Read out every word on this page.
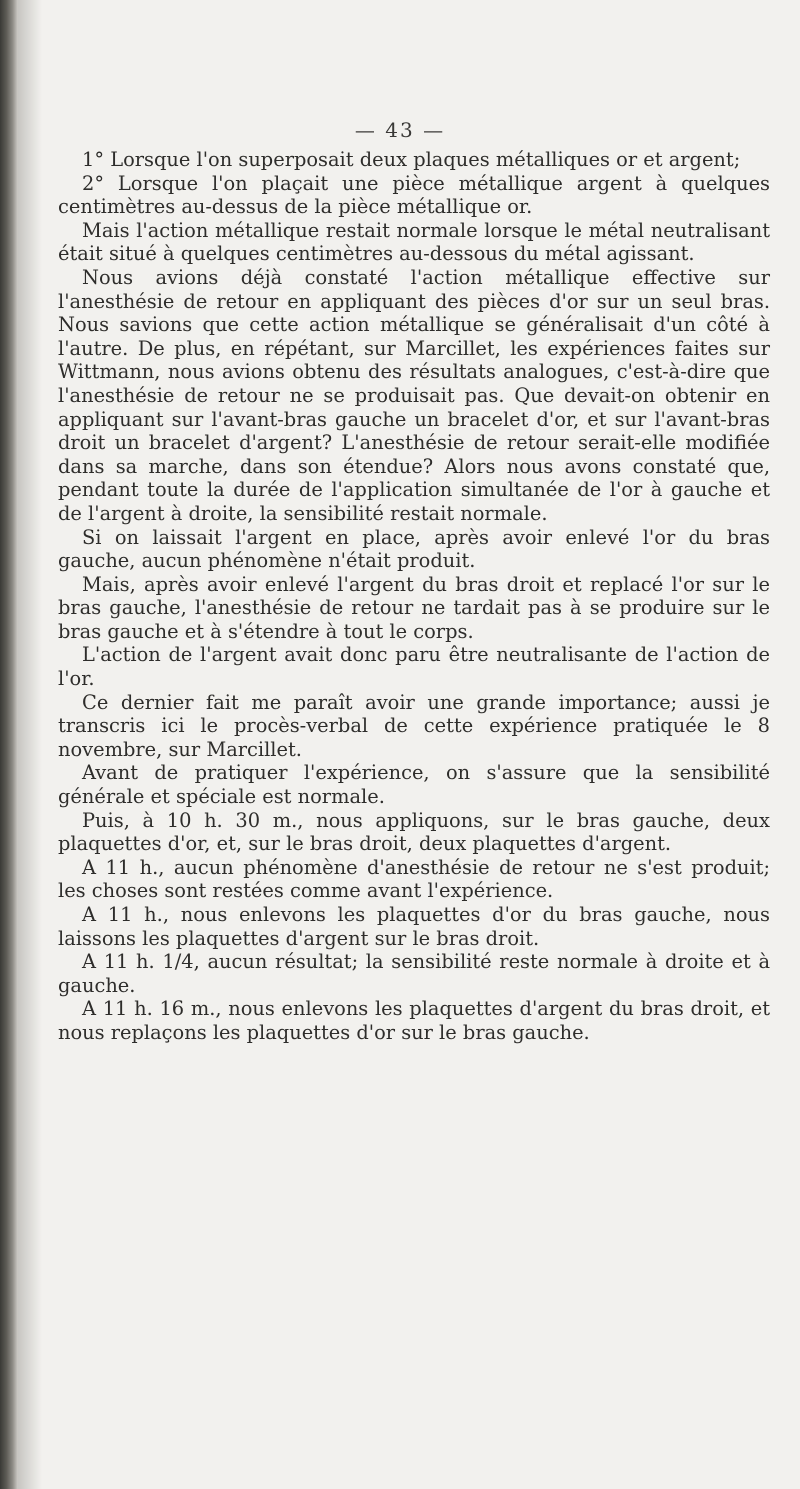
— 43 —

1° Lorsque l'on superposait deux plaques métalliques or et argent;

2° Lorsque l'on plaçait une pièce métallique argent à quelques centimètres au-dessus de la pièce métallique or.

Mais l'action métallique restait normale lorsque le métal neutralisant était situé à quelques centimètres au-dessous du métal agissant.

Nous avions déjà constaté l'action métallique effective sur l'anesthésie de retour en appliquant des pièces d'or sur un seul bras. Nous savions que cette action métallique se généralisait d'un côté à l'autre. De plus, en répétant, sur Marcillet, les expériences faites sur Wittmann, nous avions obtenu des résultats analogues, c'est-à-dire que l'anesthésie de retour ne se produisait pas. Que devait-on obtenir en appliquant sur l'avant-bras gauche un bracelet d'or, et sur l'avant-bras droit un bracelet d'argent? L'anesthésie de retour serait-elle modifiée dans sa marche, dans son étendue? Alors nous avons constaté que, pendant toute la durée de l'application simultanée de l'or à gauche et de l'argent à droite, la sensibilité restait normale.

Si on laissait l'argent en place, après avoir enlevé l'or du bras gauche, aucun phénomène n'était produit.

Mais, après avoir enlevé l'argent du bras droit et replacé l'or sur le bras gauche, l'anesthésie de retour ne tardait pas à se produire sur le bras gauche et à s'étendre à tout le corps.

L'action de l'argent avait donc paru être neutralisante de l'action de l'or.

Ce dernier fait me paraît avoir une grande importance; aussi je transcris ici le procès-verbal de cette expérience pratiquée le 8 novembre, sur Marcillet.

Avant de pratiquer l'expérience, on s'assure que la sensibilité générale et spéciale est normale.

Puis, à 10 h. 30 m., nous appliquons, sur le bras gauche, deux plaquettes d'or, et, sur le bras droit, deux plaquettes d'argent.

A 11 h., aucun phénomène d'anesthésie de retour ne s'est produit; les choses sont restées comme avant l'expérience.

A 11 h., nous enlevons les plaquettes d'or du bras gauche, nous laissons les plaquettes d'argent sur le bras droit.

A 11 h. 1/4, aucun résultat; la sensibilité reste normale à droite et à gauche.

A 11 h. 16 m., nous enlevons les plaquettes d'argent du bras droit, et nous replaçons les plaquettes d'or sur le bras gauche.
